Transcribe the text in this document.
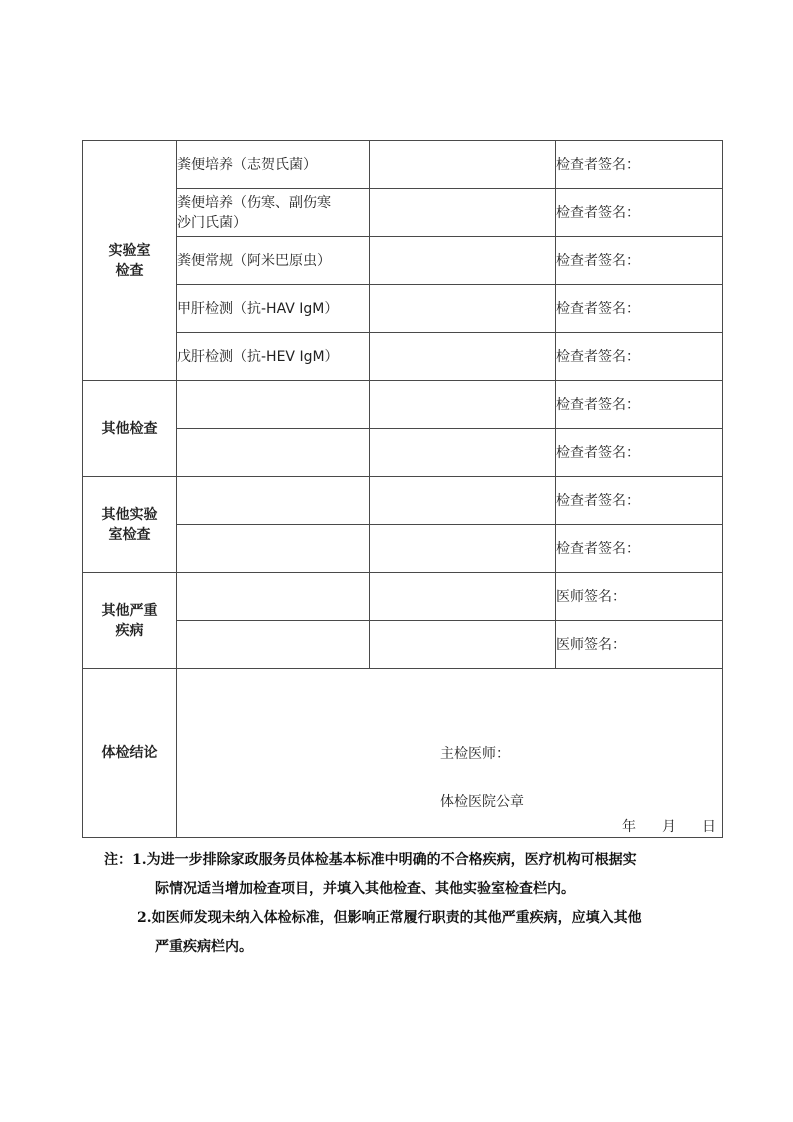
实验室
检查	粪便培养（志贺氏菌）		检查者签名：
	粪便培养（伤寒、副伤寒
沙门氏菌）		检查者签名：
	粪便常规（阿米巴原虫）		检查者签名：
	甲肝检测（抗-HAV IgM）		检查者签名：
	戊肝检测（抗-HEV IgM）		检查者签名：
其他检查			检查者签名：
			检查者签名：
其他实验
室检查			检查者签名：
			检查者签名：
其他严重
疾病			医师签名：
			医师签名：
体检结论	主检医师：
体检医院公章
年 月 日		
注：1.为进一步排除家政服务员体检基本标准中明确的不合格疾病，医疗机构可根据实
际情况适当增加检查项目，并填入其他检查、其他实验室检查栏内。
2.如医师发现未纳入体检标准，但影响正常履行职责的其他严重疾病，应填入其他
严重疾病栏内。
